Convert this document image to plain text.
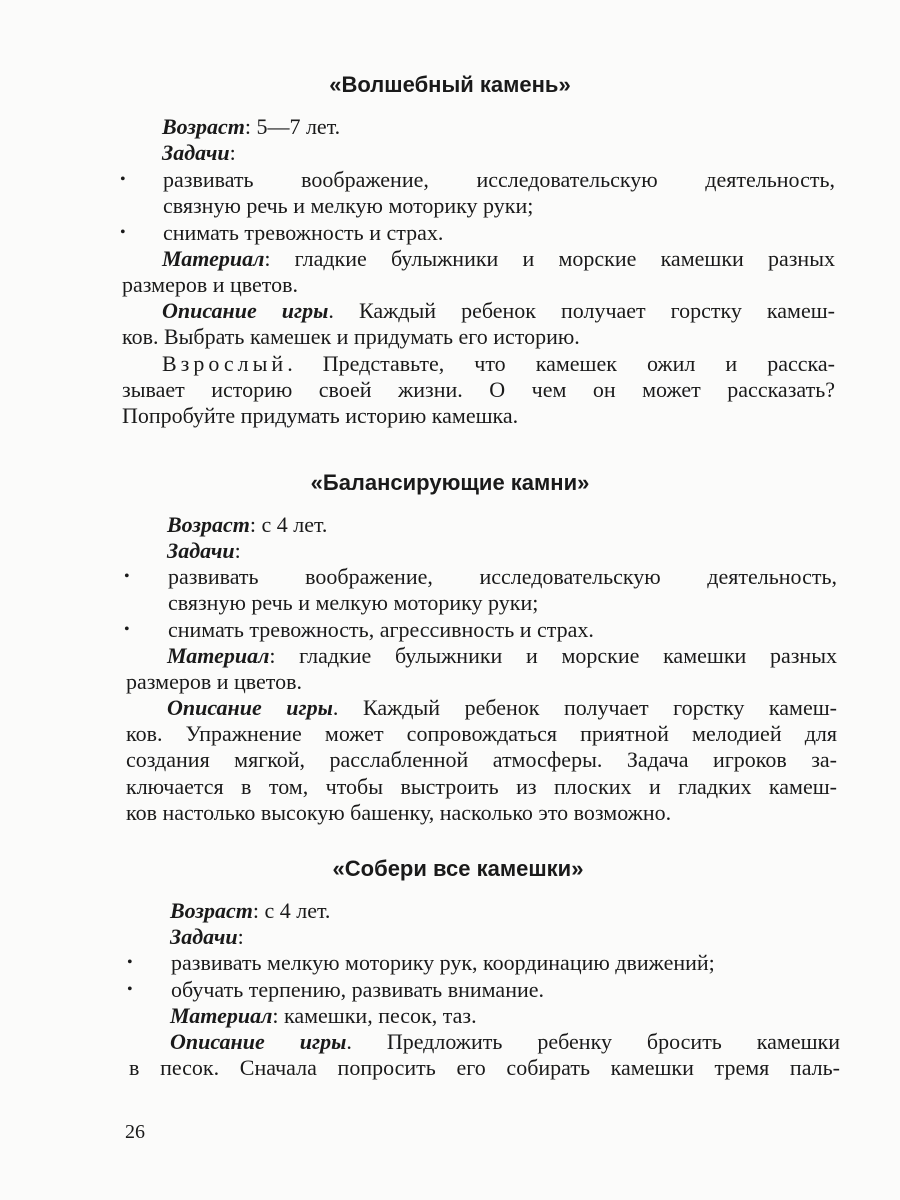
«Волшебный камень»
Возраст: 5—7 лет.
Задачи:
• развивать воображение, исследовательскую деятельность,
связную речь и мелкую моторику руки;
• снимать тревожность и страх.
Материал: гладкие булыжники и морские камешки разных
размеров и цветов.
Описание игры. Каждый ребенок получает горстку камеш-
ков. Выбрать камешек и придумать его историю.
Взрослый. Представьте, что камешек ожил и расска-
зывает историю своей жизни. О чем он может рассказать?
Попробуйте придумать историю камешка.
«Балансирующие камни»
Возраст: с 4 лет.
Задачи:
• развивать воображение, исследовательскую деятельность,
связную речь и мелкую моторику руки;
• снимать тревожность, агрессивность и страх.
Материал: гладкие булыжники и морские камешки разных
размеров и цветов.
Описание игры. Каждый ребенок получает горстку камеш-
ков. Упражнение может сопровождаться приятной мелодией для
создания мягкой, расслабленной атмосферы. Задача игроков за-
ключается в том, чтобы выстроить из плоских и гладких камеш-
ков настолько высокую башенку, насколько это возможно.
«Собери все камешки»
Возраст: с 4 лет.
Задачи:
• развивать мелкую моторику рук, координацию движений;
• обучать терпению, развивать внимание.
Материал: камешки, песок, таз.
Описание игры. Предложить ребенку бросить камешки
в песок. Сначала попросить его собирать камешки тремя паль-
26
